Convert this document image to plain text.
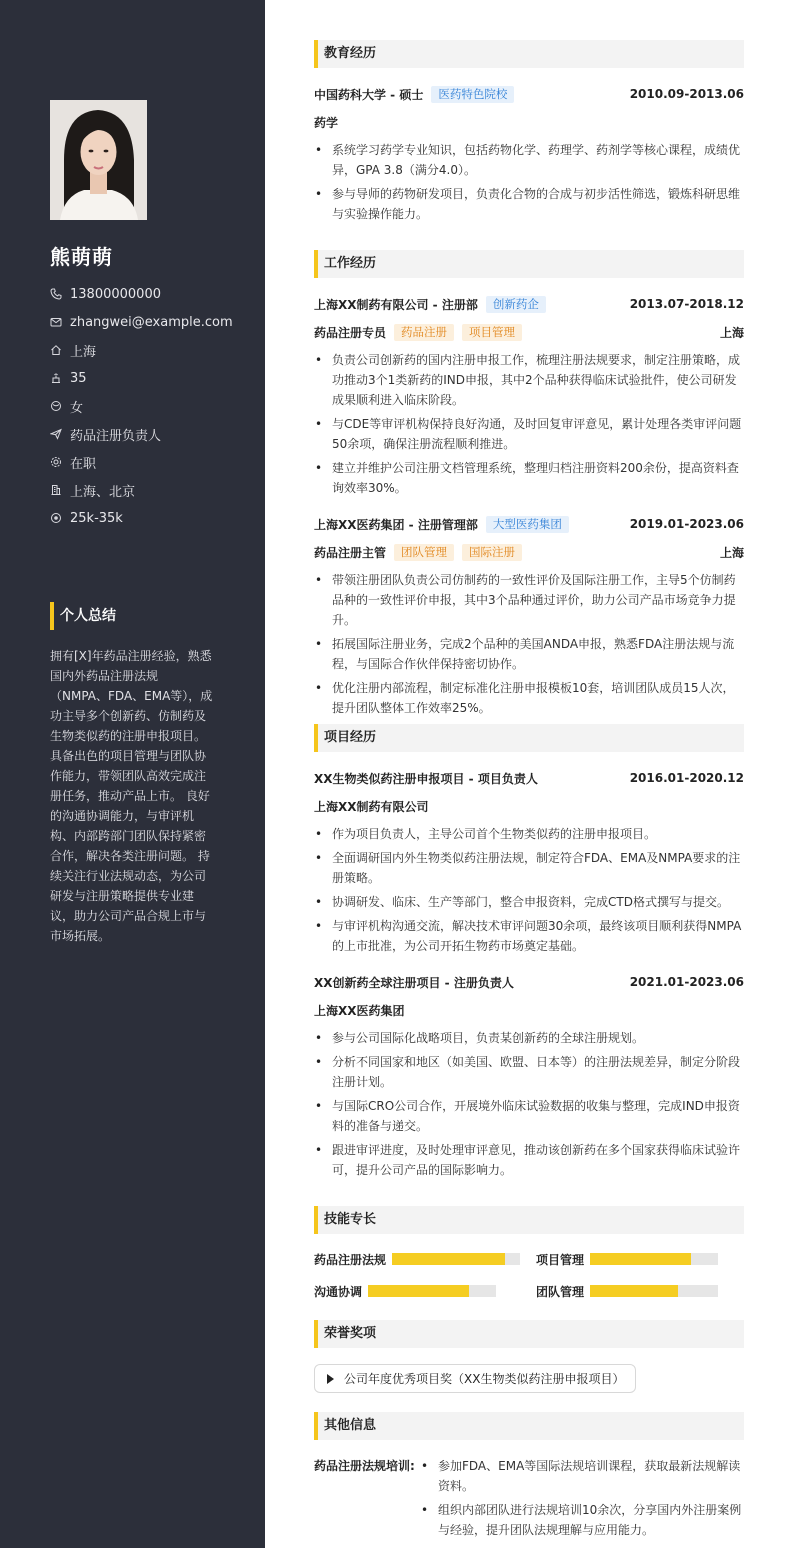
熊萌萌
13800000000
zhangwei@example.com
上海
35
女
药品注册负责人
在职
上海、北京
25k-35k
个人总结
拥有[X]年药品注册经验，熟悉国内外药品注册法规（NMPA、FDA、EMA等），成功主导多个创新药、仿制药及生物类似药的注册申报项目。具备出色的项目管理与团队协作能力，带领团队高效完成注册任务，推动产品上市。 良好的沟通协调能力，与审评机构、内部跨部门团队保持紧密合作，解决各类注册问题。 持续关注行业法规动态，为公司研发与注册策略提供专业建议，助力公司产品合规上市与市场拓展。
教育经历
中国药科大学 - 硕士	医药特色院校	2010.09-2013.06
药学
• 系统学习药学专业知识，包括药物化学、药理学、药剂学等核心课程，成绩优异，GPA 3.8（满分4.0）。
• 参与导师的药物研发项目，负责化合物的合成与初步活性筛选，锻炼科研思维与实验操作能力。
工作经历
上海XX制药有限公司 - 注册部	创新药企	2013.07-2018.12
药品注册专员	药品注册	项目管理	上海
• 负责公司创新药的国内注册申报工作，梳理注册法规要求，制定注册策略，成功推动3个1类新药的IND申报，其中2个品种获得临床试验批件，使公司研发成果顺利进入临床阶段。
• 与CDE等审评机构保持良好沟通，及时回复审评意见，累计处理各类审评问题50余项，确保注册流程顺利推进。
• 建立并维护公司注册文档管理系统，整理归档注册资料200余份，提高资料查询效率30%。
上海XX医药集团 - 注册管理部	大型医药集团	2019.01-2023.06
药品注册主管	团队管理	国际注册	上海
• 带领注册团队负责公司仿制药的一致性评价及国际注册工作，主导5个仿制药品种的一致性评价申报，其中3个品种通过评价，助力公司产品市场竞争力提升。
• 拓展国际注册业务，完成2个品种的美国ANDA申报，熟悉FDA注册法规与流程，与国际合作伙伴保持密切协作。
• 优化注册内部流程，制定标准化注册申报模板10套，培训团队成员15人次，提升团队整体工作效率25%。
项目经历
XX生物类似药注册申报项目 - 项目负责人	2016.01-2020.12
上海XX制药有限公司
• 作为项目负责人，主导公司首个生物类似药的注册申报项目。
• 全面调研国内外生物类似药注册法规，制定符合FDA、EMA及NMPA要求的注册策略。
• 协调研发、临床、生产等部门，整合申报资料，完成CTD格式撰写与提交。
• 与审评机构沟通交流，解决技术审评问题30余项，最终该项目顺利获得NMPA的上市批准，为公司开拓生物药市场奠定基础。
XX创新药全球注册项目 - 注册负责人	2021.01-2023.06
上海XX医药集团
• 参与公司国际化战略项目，负责某创新药的全球注册规划。
• 分析不同国家和地区（如美国、欧盟、日本等）的注册法规差异，制定分阶段注册计划。
• 与国际CRO公司合作，开展境外临床试验数据的收集与整理，完成IND申报资料的准备与递交。
• 跟进审评进度，及时处理审评意见，推动该创新药在多个国家获得临床试验许可，提升公司产品的国际影响力。
技能专长
药品注册法规	项目管理
沟通协调	团队管理
荣誉奖项
公司年度优秀项目奖（XX生物类似药注册申报项目）
其他信息
药品注册法规培训:
•	参加FDA、EMA等国际法规培训课程，获取最新法规解读资料。
• 组织内部团队进行法规培训10余次，分享国内外注册案例与经验，提升团队法规理解与应用能力。
